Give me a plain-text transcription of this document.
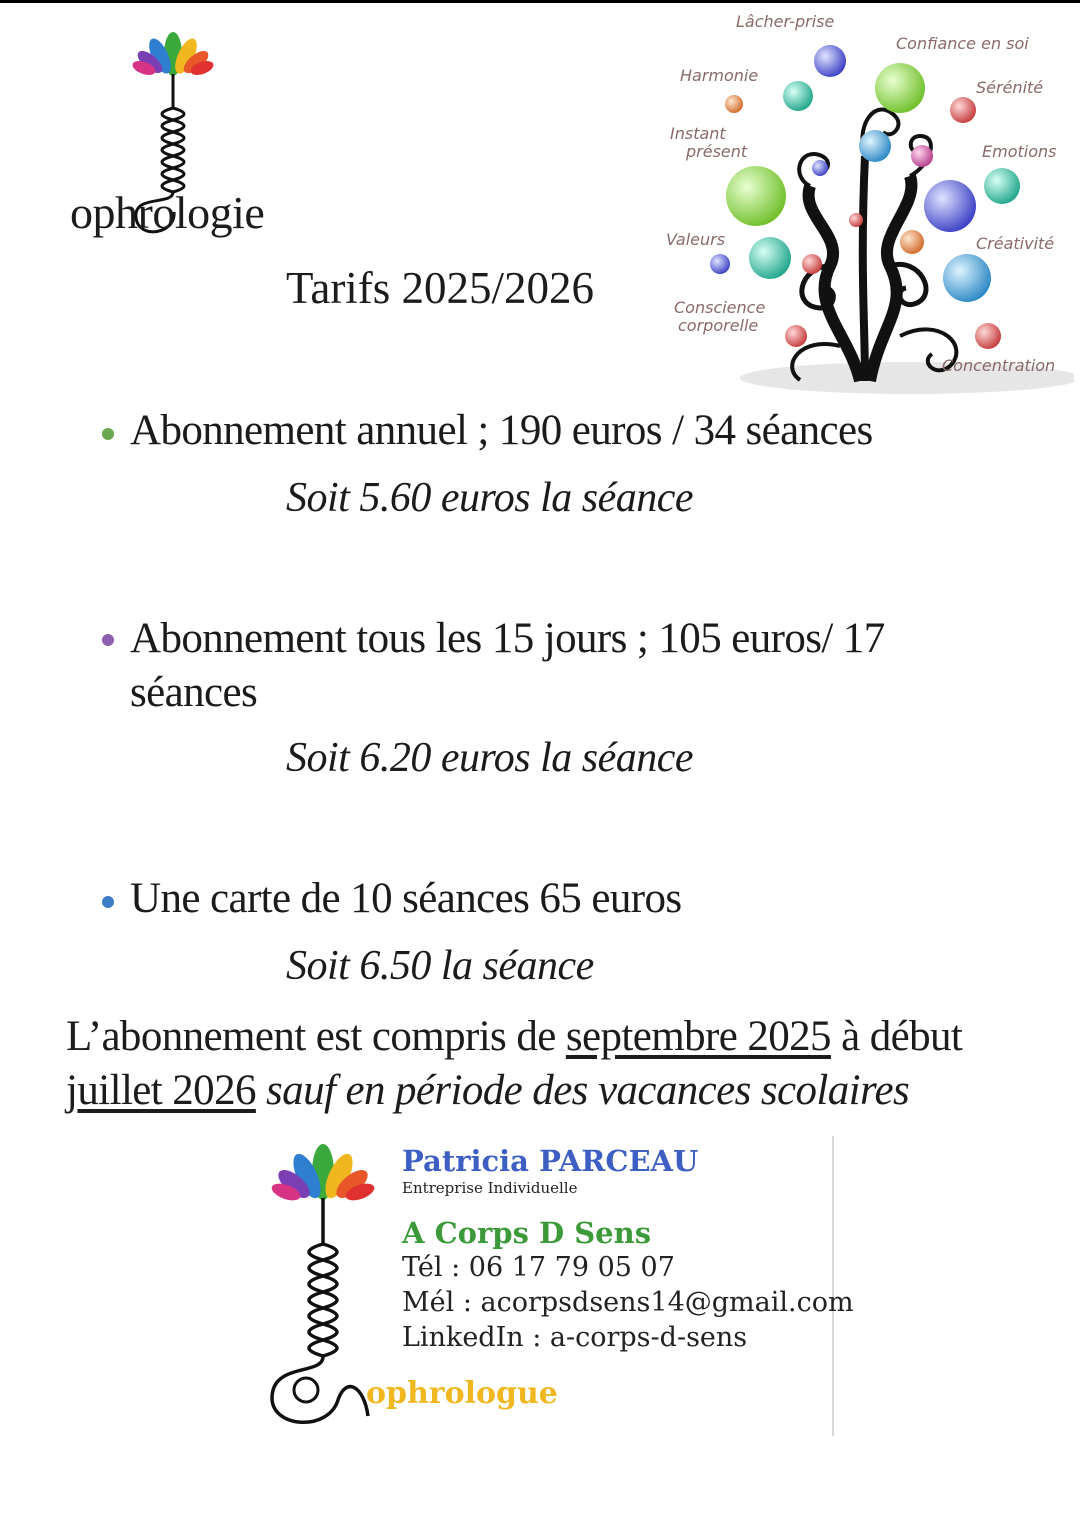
ophrologie
Tarifs 2025/2026
Lâcher-prise
Confiance en soi
Harmonie
Sérénité
Instant
présent	Emotions
Valeurs	Créativité
Conscience
corporelle
Concentration
Abonnement annuel ; 190 euros / 34 séances
Soit 5.60 euros la séance
Abonnement tous les 15 jours ; 105 euros/ 17
séances
Soit 6.20 euros la séance
Une carte de 10 séances 65 euros
Soit 6.50 la séance
L’abonnement est compris de septembre 2025 à début
juillet 2026 sauf en période des vacances scolaires
Patricia PARCEAU
Entreprise Individuelle
A Corps D Sens
Tél : 06 17 79 05 07
Mél : acorpsdsens14@gmail.com
LinkedIn : a-corps-d-sens
ophrologue
